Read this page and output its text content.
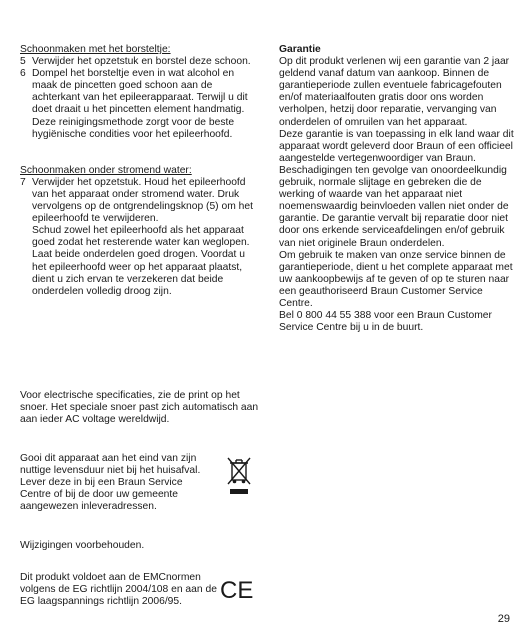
Schoonmaken met het borsteltje:

5 Verwijder het opzetstuk en borstel deze schoon.
6 Dompel het borsteltje even in wat alcohol en maak de pincetten goed schoon aan de achterkant van het epileerapparaat. Terwijl u dit doet draait u het pincetten element handmatig. Deze reinigingsmethode zorgt voor de beste hygiënische condities voor het epileerhoofd.

Schoonmaken onder stromend water:

7 Verwijder het opzetstuk. Houd het epileerhoofd van het apparaat onder stromend water. Druk vervolgens op de ontgrendelingsknop (5) om het epileerhoofd te verwijderen.

Schud zowel het epileerhoofd als het apparaat goed zodat het resterende water kan weglopen. Laat beide onderdelen goed drogen. Voordat u het epileerhoofd weer op het apparaat plaatst, dient u zich ervan te verzekeren dat beide onderdelen volledig droog zijn.

Voor electrische specificaties, zie de print op het snoer. Het speciale snoer past zich automatisch aan aan ieder AC voltage wereldwijd.

Gooi dit apparaat aan het eind van zijn nuttige levensduur niet bij het huisafval. Lever deze in bij een Braun Service Centre of bij de door uw gemeente aangewezen inleveradressen.

Wijzigingen voorbehouden.

Dit produkt voldoet aan de EMCnormen volgens de EG richtlijn 2004/108 en aan de EG laagspannings richtlijn 2006/95.	CE

Garantie

Op dit produkt verlenen wij een garantie van 2 jaar geldend vanaf datum van aankoop. Binnen de garantieperiode zullen eventuele fabricagefouten en/of materiaalfouten gratis door ons worden verholpen, hetzij door reparatie, vervanging van onderdelen of omruilen van het apparaat.

Deze garantie is van toepassing in elk land waar dit apparaat wordt geleverd door Braun of een officieel aangestelde vertegenwoordiger van Braun.

Beschadigingen ten gevolge van onoordeelkundig gebruik, normale slijtage en gebreken die de werking of waarde van het apparaat niet noemenswaardig beinvloeden vallen niet onder de garantie. De garantie vervalt bij reparatie door niet door ons erkende serviceafdelingen en/of gebruik van niet originele Braun onderdelen.

Om gebruik te maken van onze service binnen de garantieperiode, dient u het complete apparaat met uw aankoopbewijs af te geven of op te sturen naar een geauthoriseerd Braun Customer Service Centre.

Bel 0 800 44 55 388 voor een Braun Customer Service Centre bij u in de buurt.

29
